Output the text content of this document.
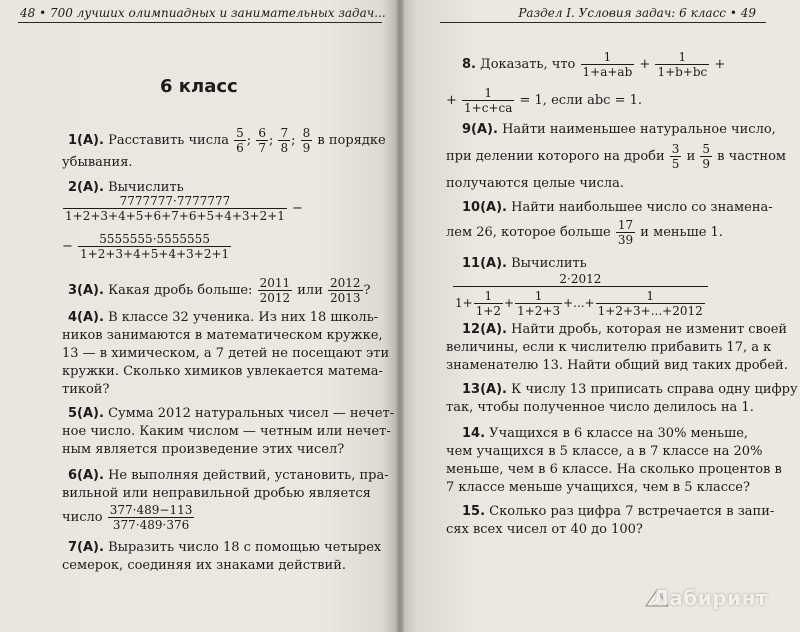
48 • 700 лучших олимпиадных и занимательных задач...
6 класс
1(А). Расставить числа $\frac{5}{6}$ ; $\frac{6}{7}$ ; $\frac{7}{8}$ ; $\frac{8}{9}$ в порядке
убывания.
2(А). Вычислить
$\frac{7777777\cdot 7777777}{1+2+3+4+5+6+7+6+5+4+3+2+1}$ −
− $\frac{5555555\cdot 5555555}{1+2+3+4+5+4+3+2+1}$
3(А). Какая дробь больше: $\frac{2011}{2012}$ или $\frac{2012}{2013}$ ?
4(А). В классе 32 ученика. Из них 18 школь-
ников занимаются в математическом кружке,
13 — в химическом, а 7 детей не посещают эти
кружки. Сколько химиков увлекается матема-
тикой?
5(А). Сумма 2012 натуральных чисел — нечет-
ное число. Каким числом — четным или нечет-
ным является произведение этих чисел?
6(А). Не выполняя действий, установить, пра-
вильной или неправильной дробью является
число $\frac{377\cdot 489-113}{377\cdot 489\cdot 376}$
7(А). Выразить число 18 с помощью четырех
семерок, соединяя их знаками действий.
Раздел I. Условия задач: 6 класс • 49
8. Доказать, что $\frac{1}{1+a+ab} + \frac{1}{1+b+bc}$ +
+ $\frac{1}{1+c+ca} = 1$, если abc = 1.
9(А). Найти наименьшее натуральное число,
при делении которого на дроби $\frac{3}{5}$ и $\frac{5}{9}$ в частном
получаются целые числа.
10(А). Найти наибольшее число со знамена-
лем 26, которое больше $\frac{17}{39}$ и меньше 1.
11(А). Вычислить
$\frac{2\cdot 2012}{1+ \frac{1}{1+2} + \frac{1}{1+2+3} +...+ \frac{1}{1+2+3+...+2012}}$
12(А). Найти дробь, которая не изменит своей
величины, если к числителю прибавить 17, а к
знаменателю 13. Найти общий вид таких дробей.
13(А). К числу 13 приписать справа одну цифру
так, чтобы полученное число делилось на 1.
14. Учащихся в 6 классе на 30% меньше,
чем учащихся в 5 классе, а в 7 классе на 20%
меньше, чем в 6 классе. На сколько процентов в
7 классе меньше учащихся, чем в 5 классе?
15. Сколько раз цифра 7 встречается в запи-
сях всех чисел от 40 до 100?
Лабиринт
